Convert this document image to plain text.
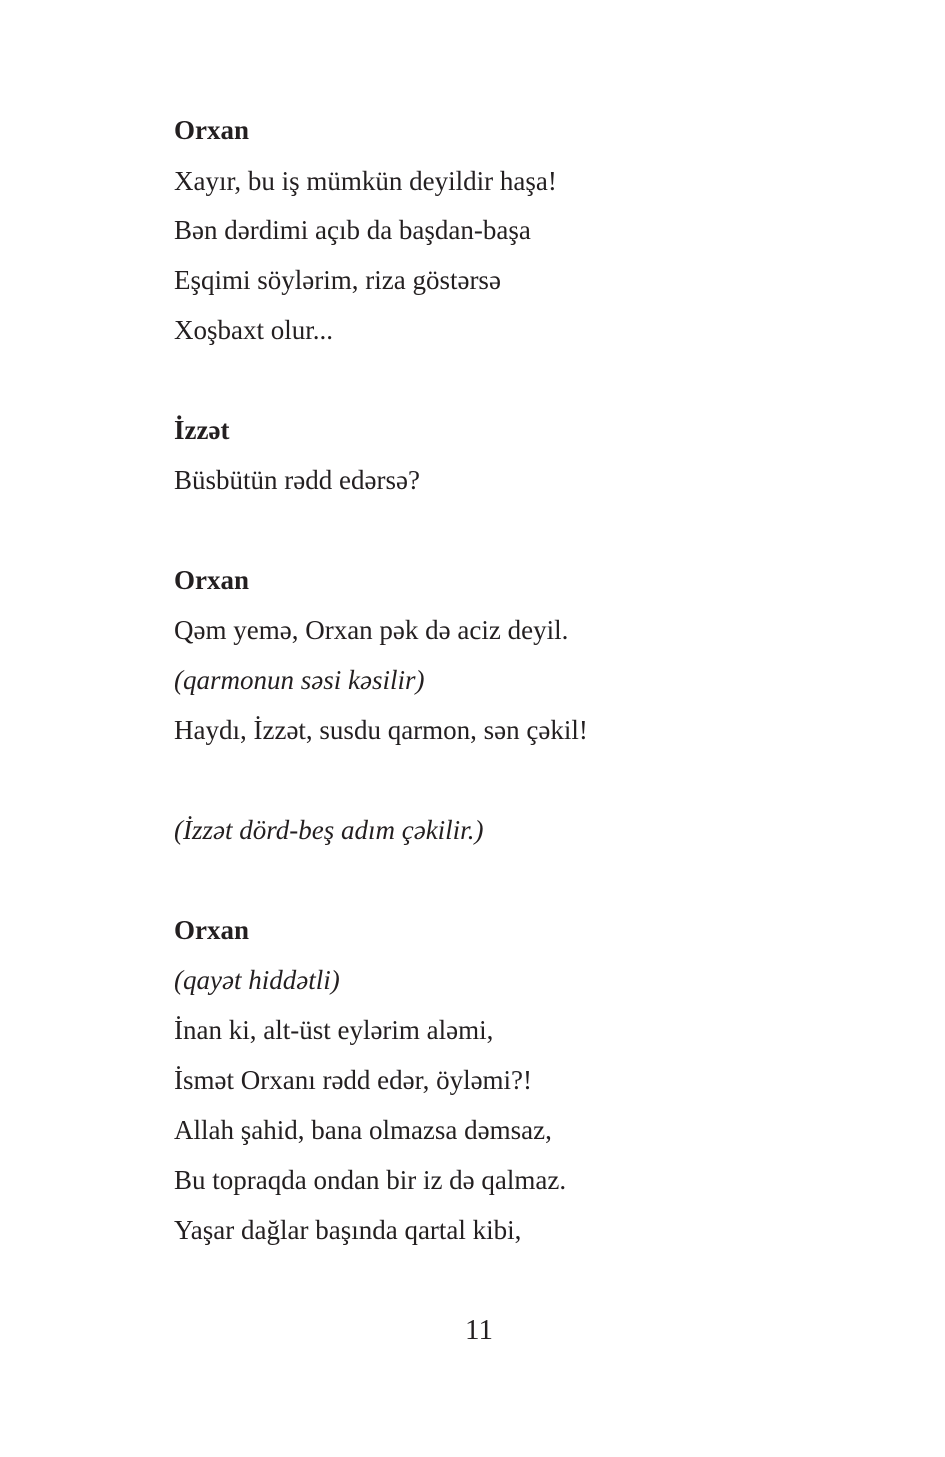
Orxan
Xayır, bu iş mümkün deyildir haşa!
Bən dərdimi açıb da başdan-başa
Eşqimi söylərim, riza göstərsə
Xoşbaxt olur...
İzzət
Büsbütün rədd edərsə?
Orxan
Qəm yemə, Orxan pək də aciz deyil.
(qarmonun səsi kəsilir)
Haydı, İzzət, susdu qarmon, sən çəkil!
(İzzət dörd-beş adım çəkilir.)
Orxan
(qayət hiddətli)
İnan ki, alt-üst eylərim aləmi,
İsmət Orxanı rədd edər, öyləmi?!
Allah şahid, bana olmazsa dəmsaz,
Bu topraqda ondan bir iz də qalmaz.
Yaşar dağlar başında qartal kibi,
11
